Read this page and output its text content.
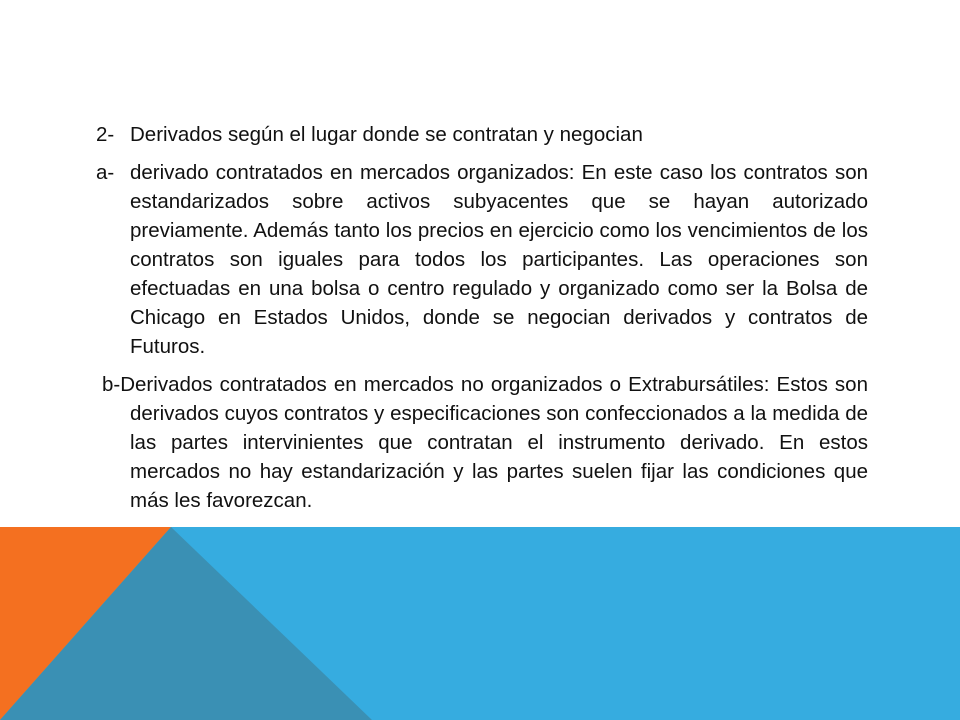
2- Derivados según el lugar donde se contratan y negocian
a- derivado contratados en mercados organizados: En este caso los contratos son estandarizados sobre activos subyacentes que se hayan autorizado previamente. Además tanto los precios en ejercicio como los vencimientos de los contratos son iguales para todos los participantes. Las operaciones son efectuadas en una bolsa o centro regulado y organizado como ser la Bolsa de Chicago en Estados Unidos, donde se negocian derivados y contratos de Futuros.
b-Derivados contratados en mercados no organizados o Extrabursátiles: Estos son derivados cuyos contratos y especificaciones son confeccionados a la medida de las partes intervinientes que contratan el instrumento derivado. En estos mercados no hay estandarización y las partes suelen fijar las condiciones que más les favorezcan.
